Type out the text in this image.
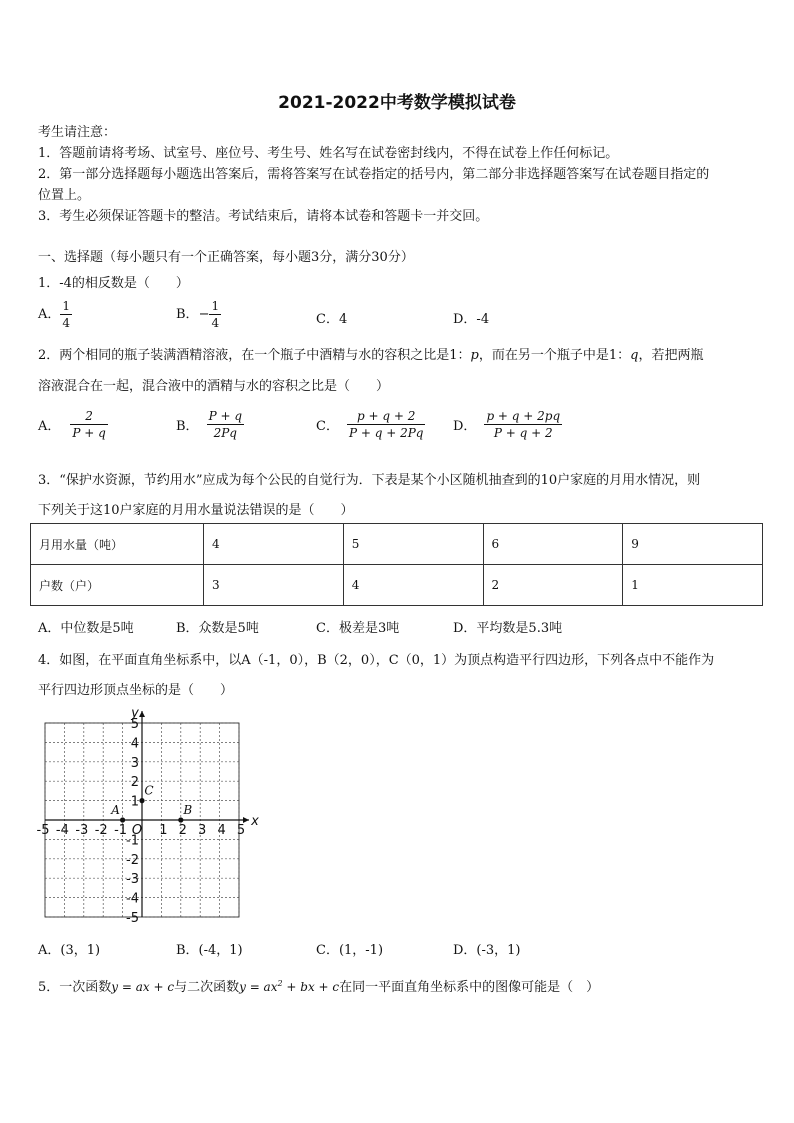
2021-2022中考数学模拟试卷
考生请注意：
1．答题前请将考场、试室号、座位号、考生号、姓名写在试卷密封线内，不得在试卷上作任何标记。
2．第一部分选择题每小题选出答案后，需将答案写在试卷指定的括号内，第二部分非选择题答案写在试卷题目指定的
位置上。
3．考生必须保证答题卡的整洁。考试结束后，请将本试卷和答题卡一并交回。
一、选择题（每小题只有一个正确答案，每小题3分，满分30分）
1．-4的相反数是（　　）
A． $\frac{1}{4}$	B．− $\frac{1}{4}$	C．4	D．-4
2．两个相同的瓶子装满酒精溶液，在一个瓶子中酒精与水的容积之比是1：p，而在另一个瓶子中是1：q，若把两瓶
溶液混合在一起，混合液中的酒精与水的容积之比是（　　）
A． $\frac{2}{P + q}$	B． $\frac{P + q}{2Pq}$	C． $\frac{p + q + 2}{P + q + 2Pq}$ D． $\frac{p + q + 2pq}{P + q + 2}$
3．“保护水资源，节约用水”应成为每个公民的自觉行为．下表是某个小区随机抽查到的10户家庭的月用水情况，则
下列关于这10户家庭的月用水量说法错误的是（　　）
月用水量（吨）	4	5	6	9
户数（户）	3	4	2	1
A．中位数是5吨	B．众数是5吨	C．极差是3吨	D．平均数是5.3吨
4．如图，在平面直角坐标系中，以A（-1，0），B（2，0），C（0，1）为顶点构造平行四边形，下列各点中不能作为
平行四边形顶点坐标的是（　　）
-5 -4 -3 -2 -1 1 2 3 4 5
5
4
3
2
1
-1
-2
-3
-4
-5
O
x
y
A	B
C
A．(3，1)	B．(-4，1)	C．(1，-1)	D．(-3，1)
5．一次函数y = ax + c与二次函数$y = ax^2$ + bx + c在同一平面直角坐标系中的图像可能是（　）
